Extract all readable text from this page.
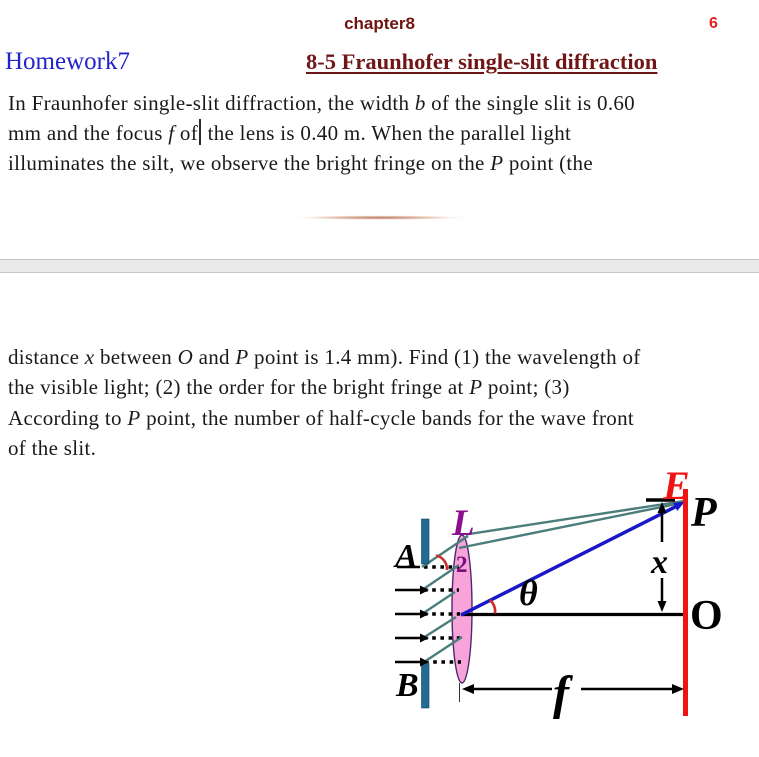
chapter8	6
Homework7	8-5 Fraunhofer single-slit diffraction
In Fraunhofer single-slit diffraction, the width b of the single slit is 0.60
mm and the focus f of the lens is 0.40 m. When the parallel light
illuminates the silt, we observe the bright fringe on the P point (the
distance x between O and P point is 1.4 mm). Find (1) the wavelength of
the visible light; (2) the order for the bright fringe at P point; (3)
According to P point, the number of half-cycle bands for the wave front
of the slit.
A
B
L
2
θ
x
f
E
P
O
